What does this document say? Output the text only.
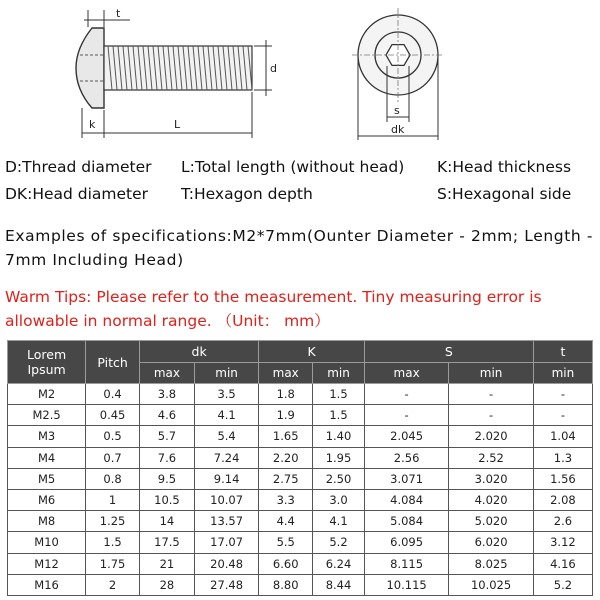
t
d
k	L
s
dk
D:Thread diameter L:Total length (without head) K:Head thickness
DK:Head diameter T:Hexagon depth	S:Hexagonal side
Examples of specifications:M2*7mm(Ounter Diameter - 2mm; Length - 7mm Including Head)
Warm Tips: Please refer to the measurement. Tiny measuring error is allowable in normal range. （Unit： mm）
Lorem Ipsum	Pitch	dk		K		S		t
		max	min	max	min	max	min	min
M2	0.4	3.8	3.5	1.8	1.5	-	-	-
M2.5	0.45	4.6	4.1	1.9	1.5	-	-	-
M3	0.5	5.7	5.4	1.65	1.40	2.045	2.020	1.04
M4	0.7	7.6	7.24	2.20	1.95	2.56	2.52	1.3
M5	0.8	9.5	9.14	2.75	2.50	3.071	3.020	1.56
M6	1	10.5	10.07	3.3	3.0	4.084	4.020	2.08
M8	1.25	14	13.57	4.4	4.1	5.084	5.020	2.6
M10	1.5	17.5	17.07	5.5	5.2	6.095	6.020	3.12
M12	1.75	21	20.48	6.60	6.24	8.115	8.025	4.16
M16	2	28	27.48	8.80	8.44	10.115	10.025	5.2
